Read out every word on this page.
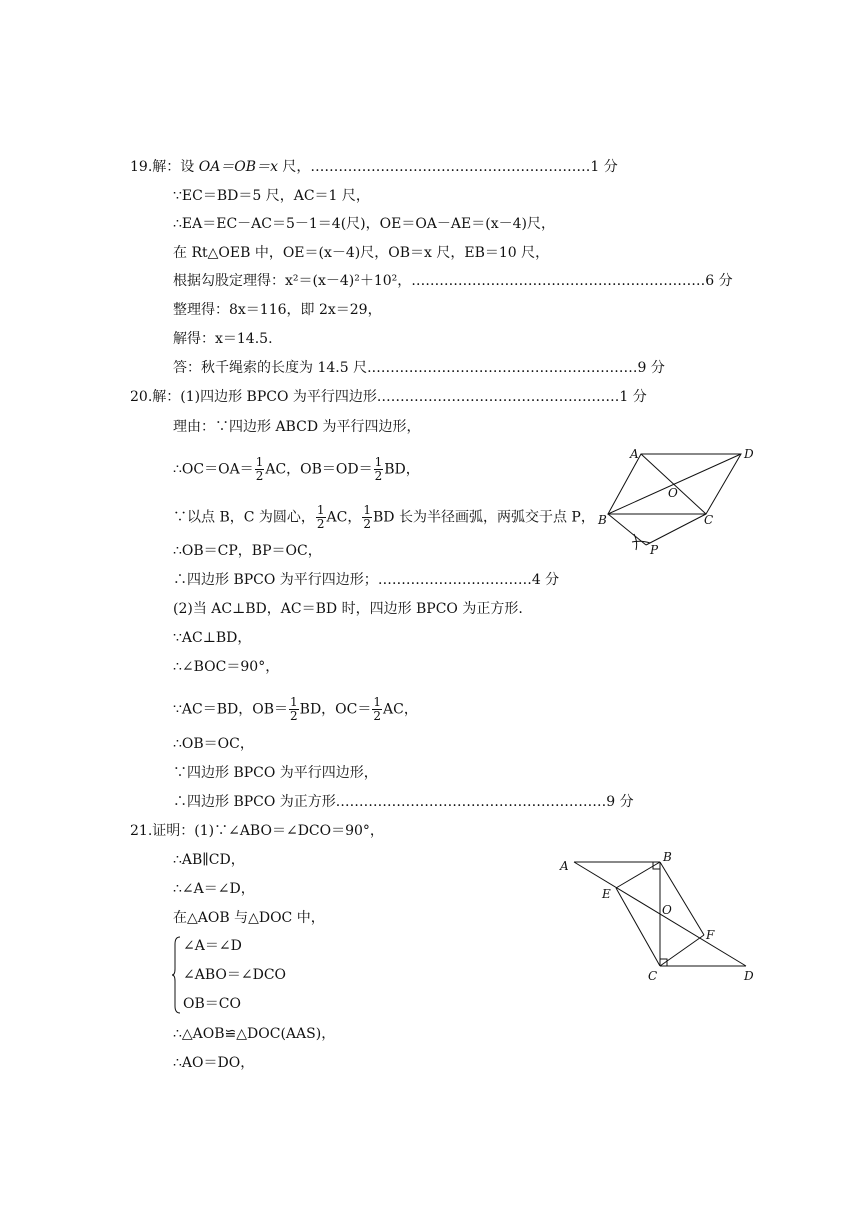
19.解：设 OA＝OB＝x 尺，……………………………………………………1 分
∵EC＝BD＝5 尺，AC＝1 尺，
∴EA＝EC－AC＝5－1＝4(尺)，OE＝OA－AE＝(x－4)尺，
在 Rt△OEB 中，OE＝(x－4)尺，OB＝x 尺，EB＝10 尺，
根据勾股定理得：x²＝(x－4)²＋10²，………………………………………………………6 分
整理得：8x＝116，即 2x＝29，
解得：x＝14.5.
答：秋千绳索的长度为 14.5 尺.…………………………………………………9 分
20.解：(1)四边形 BPCO 为平行四边形.……………………………………………1 分
理由：∵四边形 ABCD 为平行四边形，
∴OC＝OA＝ $\frac{1}{2}$ AC，$OB=OD= \frac{1}{2}$ BD，
∵以点 B，C 为圆心， $\frac{1}{2}$ AC， $\frac{1}{2}$ BD 长为半径画弧，两弧交于点 P，
∴OB＝CP，BP＝OC，
∴四边形 BPCO 为平行四边形；……………………………4 分
(2)当 AC⊥BD，AC＝BD 时，四边形 BPCO 为正方形.
∵AC⊥BD，
∴∠BOC＝90°，
∵AC＝BD，$OB= \frac{1}{2}$ BD，$OC= \frac{1}{2}$ AC，
∴OB＝OC，
∵四边形 BPCO 为平行四边形，
∴四边形 BPCO 为正方形.…………………………………………………9 分
A	D
O
B	C
P
21.证明：(1)∵∠ABO＝∠DCO＝90°，
∴AB∥CD，
∴∠A＝∠D，
在△AOB 与△DOC 中，
∠A＝∠D
∠ABO＝∠DCO
OB＝CO
∴△AOB≌△DOC(AAS)，
∴AO＝DO，
A
B
E
O
F
C	D
